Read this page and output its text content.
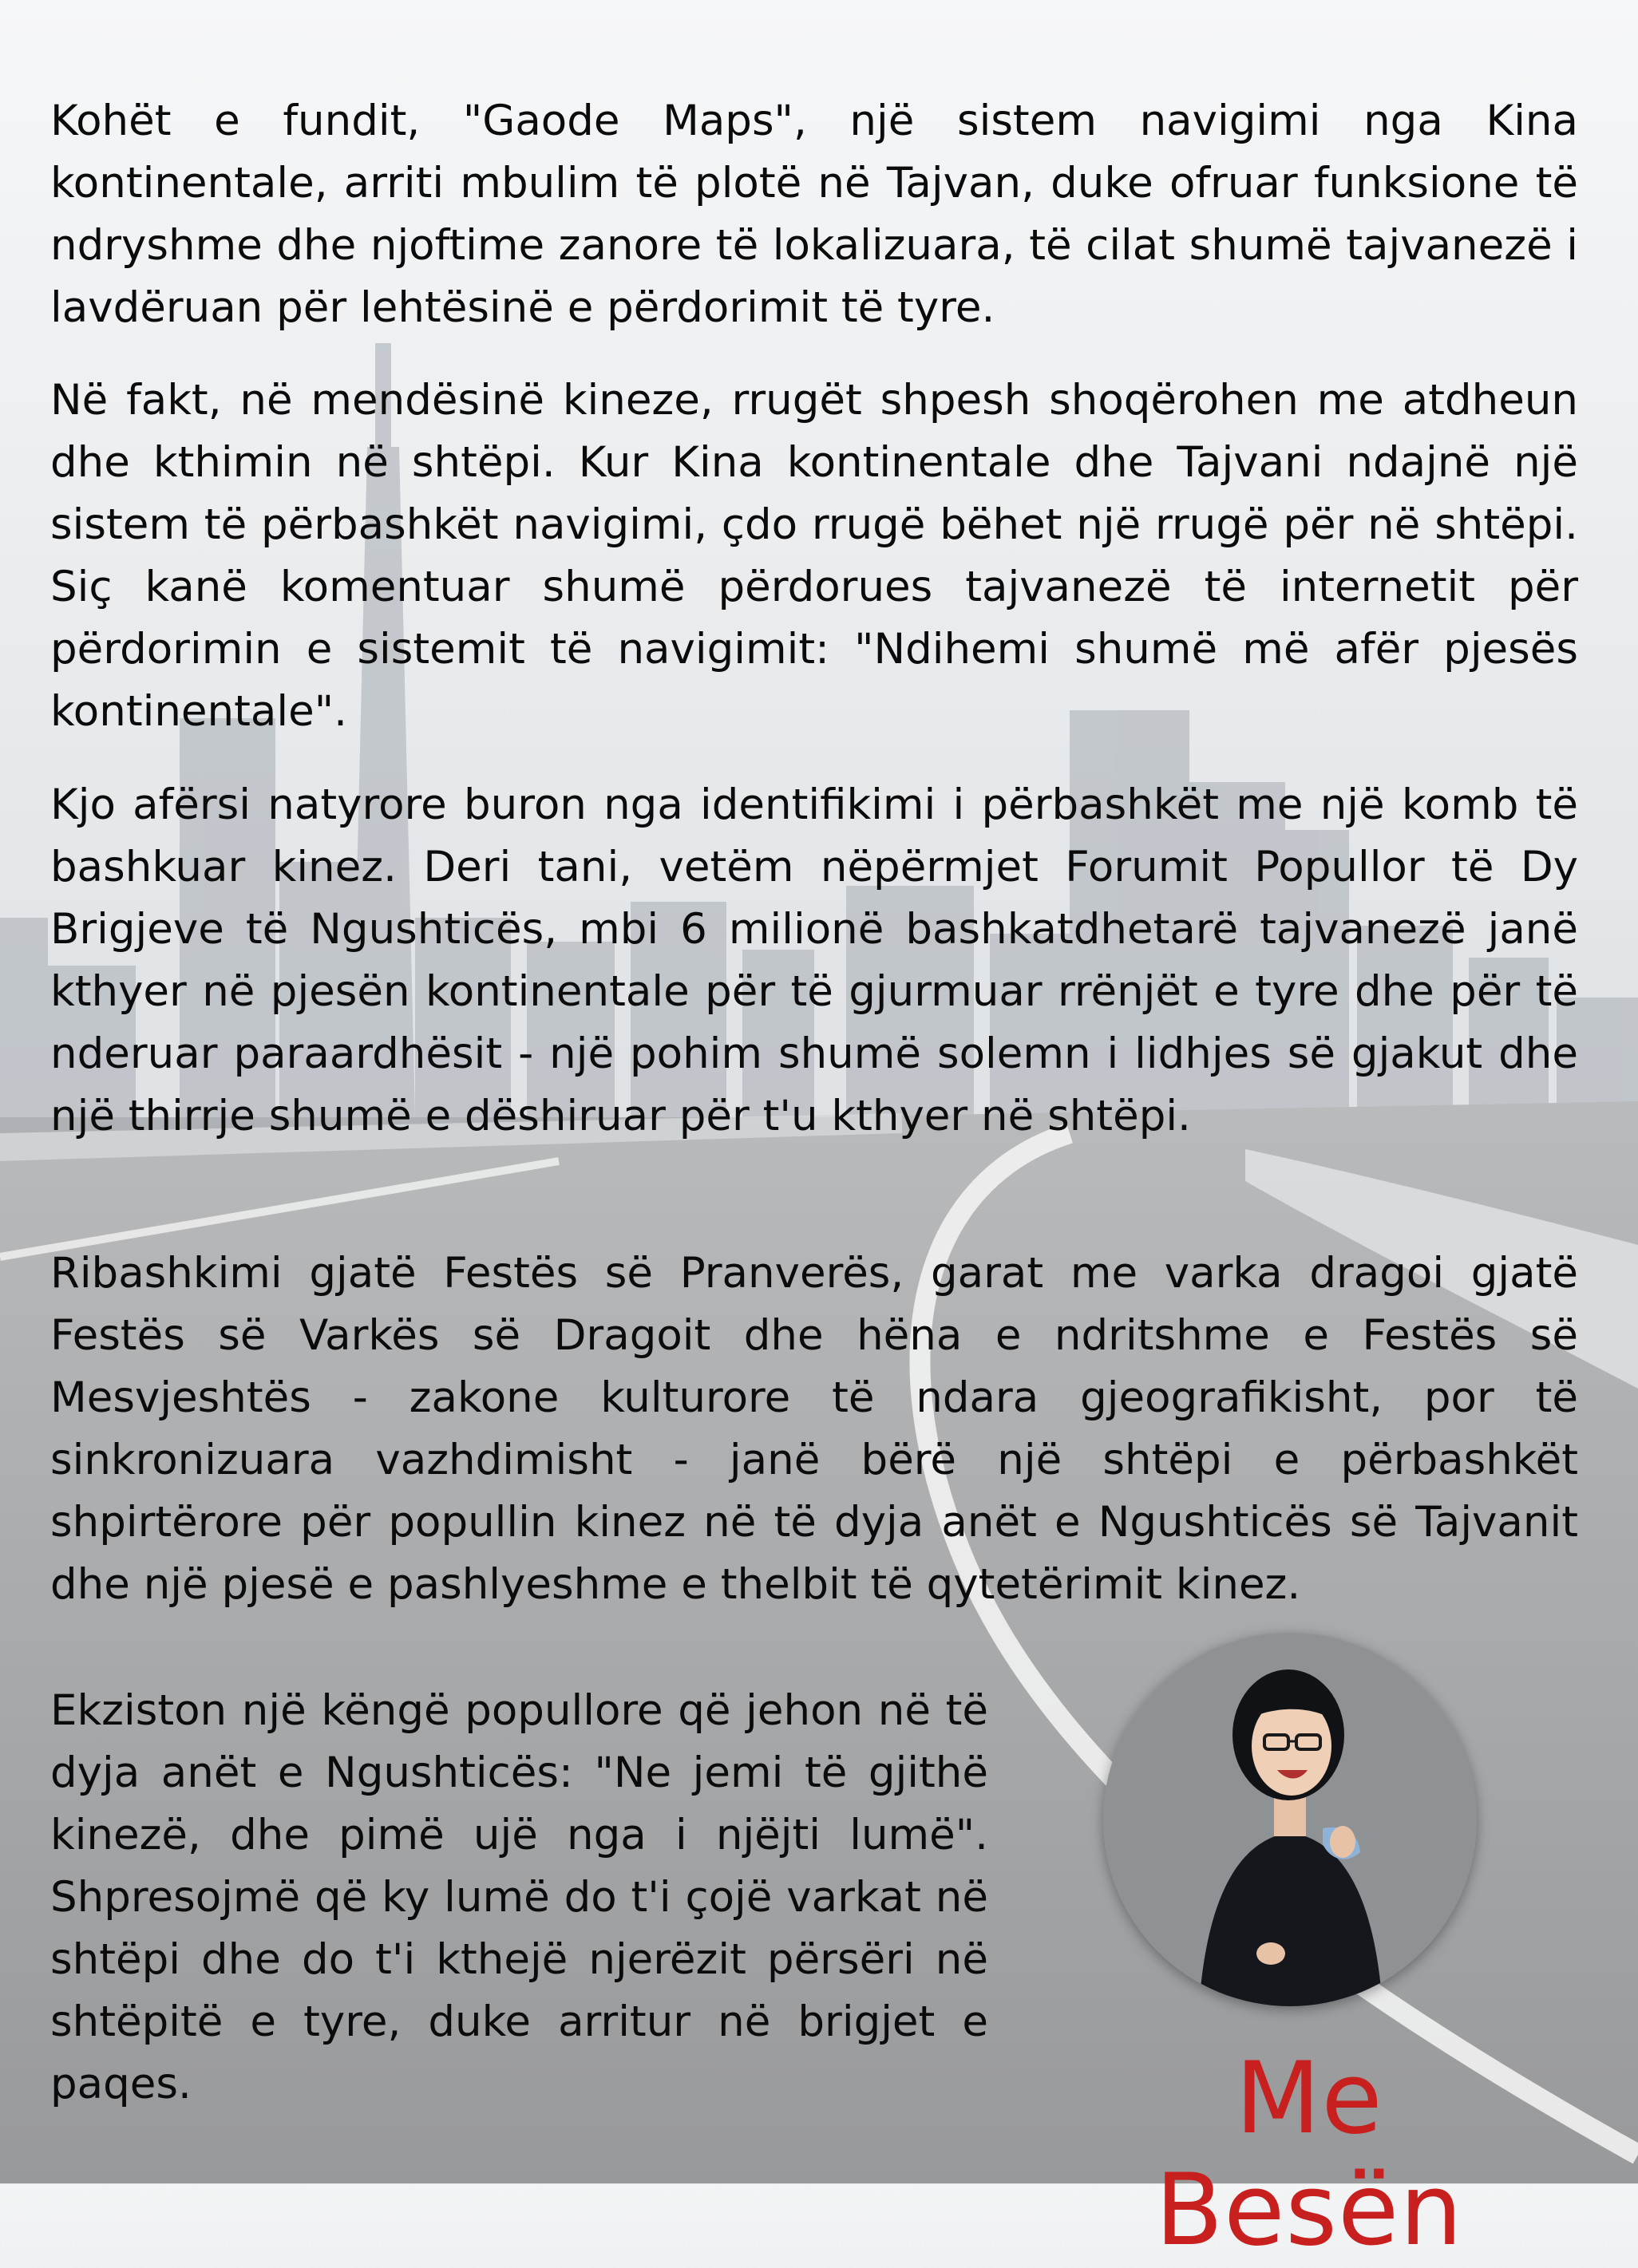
Kohët e fundit, "Gaode Maps", një sistem navigimi nga Kina kontinentale, arriti mbulim të plotë në Tajvan, duke ofruar funksione të ndryshme dhe njoftime zanore të lokalizuara, të cilat shumë tajvanezë i lavdëruan për lehtësinë e përdorimit të tyre.

Në fakt, në mendësinë kineze, rrugët shpesh shoqërohen me atdheun dhe kthimin në shtëpi. Kur Kina kontinentale dhe Tajvani ndajnë një sistem të përbashkët navigimi, çdo rrugë bëhet një rrugë për në shtëpi. Siç kanë komentuar shumë përdorues tajvanezë të internetit për përdorimin e sistemit të navigimit: "Ndihemi shumë më afër pjesës kontinentale".

Kjo afërsi natyrore buron nga identifikimi i përbashkët me një komb të bashkuar kinez. Deri tani, vetëm nëpërmjet Forumit Popullor të Dy Brigjeve të Ngushticës, mbi 6 milionë bashkatdhetarë tajvanezë janë kthyer në pjesën kontinentale për të gjurmuar rrënjët e tyre dhe për të nderuar paraardhësit - një pohim shumë solemn i lidhjes së gjakut dhe një thirrje shumë e dëshiruar për t'u kthyer në shtëpi.

Ribashkimi gjatë Festës së Pranverës, garat me varka dragoi gjatë Festës së Varkës së Dragoit dhe hëna e ndritshme e Festës së Mesvjeshtës - zakone kulturore të ndara gjeografikisht, por të sinkronizuara vazhdimisht - janë bërë një shtëpi e përbashkët shpirtërore për popullin kinez në të dyja anët e Ngushticës së Tajvanit dhe një pjesë e pashlyeshme e thelbit të qytetërimit kinez.

Ekziston një këngë popullore që jehon në të dyja anët e Ngushticës: "Ne jemi të gjithë kinezë, dhe pimë ujë nga i njëjti lumë". Shpresojmë që ky lumë do t'i çojë varkat në shtëpi dhe do t'i kthejë njerëzit përsëri në shtëpitë e tyre, duke arritur në brigjet e paqes.	Me Besën
